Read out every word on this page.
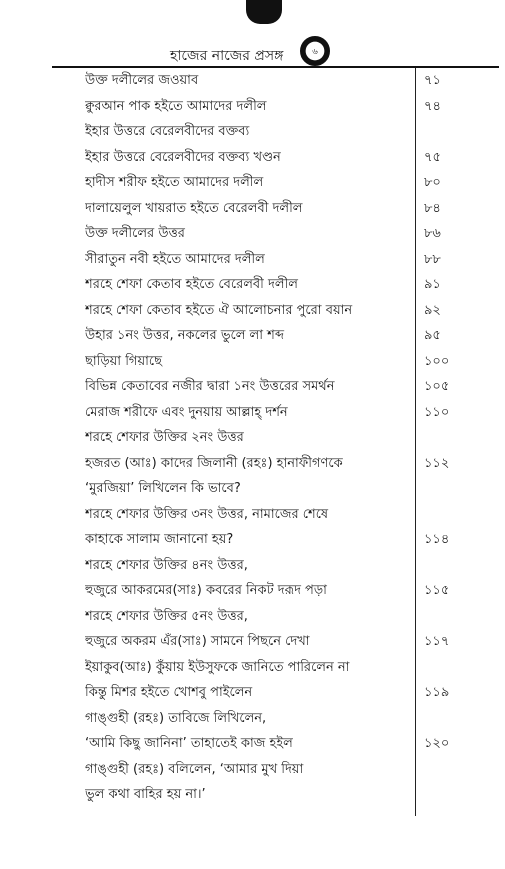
হাজের নাজের প্রসঙ্গ	৬
উক্ত দলীলের জওয়াব	৭১
ক্বুরআন পাক হইতে আমাদের দলীল	৭৪
ইহার উত্তরে বেরেলবীদের বক্তব্য
ইহার উত্তরে বেরেলবীদের বক্তব্য খণ্ডন	৭৫
হাদীস শরীফ হইতে আমাদের দলীল	৮০
দালায়েলুল খায়রাত হইতে বেরেলবী দলীল	৮৪
উক্ত দলীলের উত্তর	৮৬
সীরাতুন নবী হইতে আমাদের দলীল	৮৮
শরহে শেফা কেতাব হইতে বেরেলবী দলীল	৯১
শরহে শেফা কেতাব হইতে ঐ আলোচনার পুরো বয়ান	৯২
উহার ১নং উত্তর, নকলের ভুলে লা শব্দ	৯৫
ছাড়িয়া গিয়াছে	১০০
বিভিন্ন কেতাবের নজীর দ্বারা ১নং উত্তরের সমর্থন	১০৫
মেরাজ শরীফে এবং দুনয়ায় আল্লাহ্ দর্শন	১১০
শরহে শেফার উক্তির ২নং উত্তর
হজরত (আঃ) কাদের জিলানী (রহঃ) হানাফীগণকে	১১২
‘মুরজিয়া’ লিখিলেন কি ভাবে?
শরহে শেফার উক্তির ৩নং উত্তর, নামাজের শেষে
কাহাকে সালাম জানানো হয়?	১১৪
শরহে শেফার উক্তির ৪নং উত্তর,
হুজুরে আকরমের(সাঃ) কবরের নিকট দরূদ পড়া	১১৫
শরহে শেফার উক্তির ৫নং উত্তর,
হুজুরে অকরম এঁর(সাঃ) সামনে পিছনে দেখা	১১৭
ইয়াকুব(আঃ) কুঁয়ায় ইউসুফকে জানিতে পারিলেন না
কিন্তু মিশর হইতে খোশবু পাইলেন	১১৯
গাঙ্গুহী (রহঃ) তাবিজে লিখিলেন,
‘আমি কিছু জানিনা’ তাহাতেই কাজ হইল	১২০
গাঙ্গুহী (রহঃ) বলিলেন, ‘আমার মুখ দিয়া
ভুল কথা বাহির হয় না।’
